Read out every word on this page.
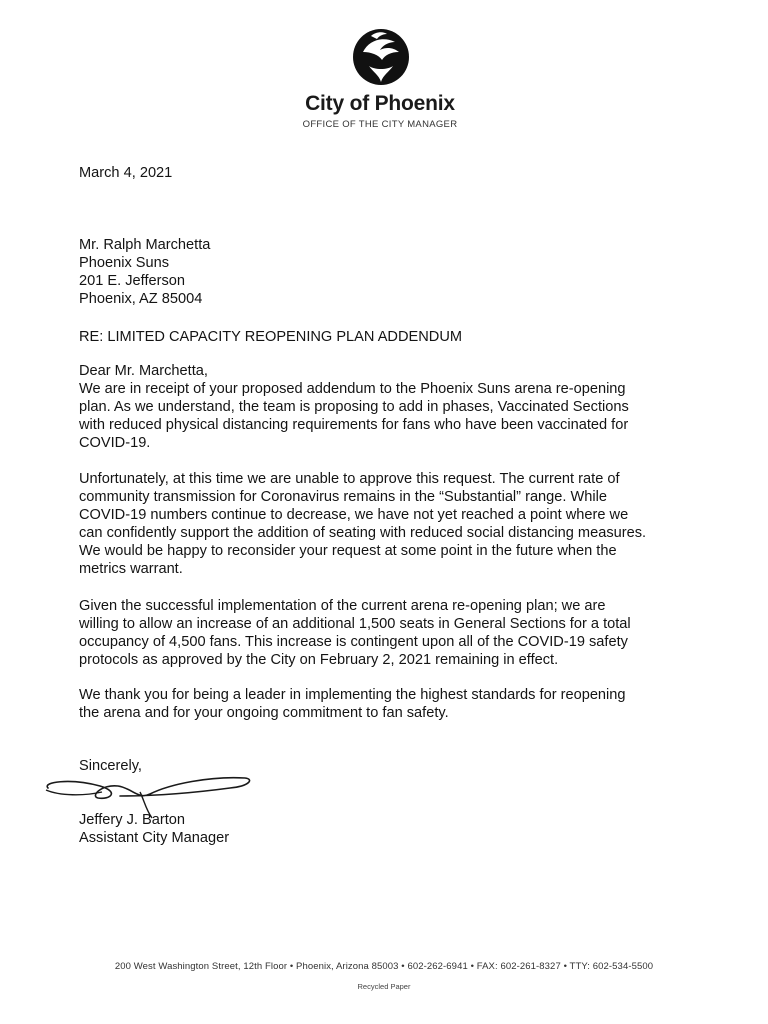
City of Phoenix
OFFICE OF THE CITY MANAGER
March 4, 2021
Mr. Ralph Marchetta
Phoenix Suns
201 E. Jefferson
Phoenix, AZ 85004
RE: LIMITED CAPACITY REOPENING PLAN ADDENDUM
Dear Mr. Marchetta,
We are in receipt of your proposed addendum to the Phoenix Suns arena re-opening
plan. As we understand, the team is proposing to add in phases, Vaccinated Sections
with reduced physical distancing requirements for fans who have been vaccinated for
COVID-19.
Unfortunately, at this time we are unable to approve this request. The current rate of
community transmission for Coronavirus remains in the “Substantial” range. While
COVID-19 numbers continue to decrease, we have not yet reached a point where we
can confidently support the addition of seating with reduced social distancing measures.
We would be happy to reconsider your request at some point in the future when the
metrics warrant.
Given the successful implementation of the current arena re-opening plan; we are
willing to allow an increase of an additional 1,500 seats in General Sections for a total
occupancy of 4,500 fans. This increase is contingent upon all of the COVID-19 safety
protocols as approved by the City on February 2, 2021 remaining in effect.
We thank you for being a leader in implementing the highest standards for reopening
the arena and for your ongoing commitment to fan safety.
Sincerely,
Jeffery J. Barton
Assistant City Manager
200 West Washington Street, 12th Floor • Phoenix, Arizona 85003 • 602-262-6941 • FAX: 602-261-8327 • TTY: 602-534-5500
Recycled Paper
